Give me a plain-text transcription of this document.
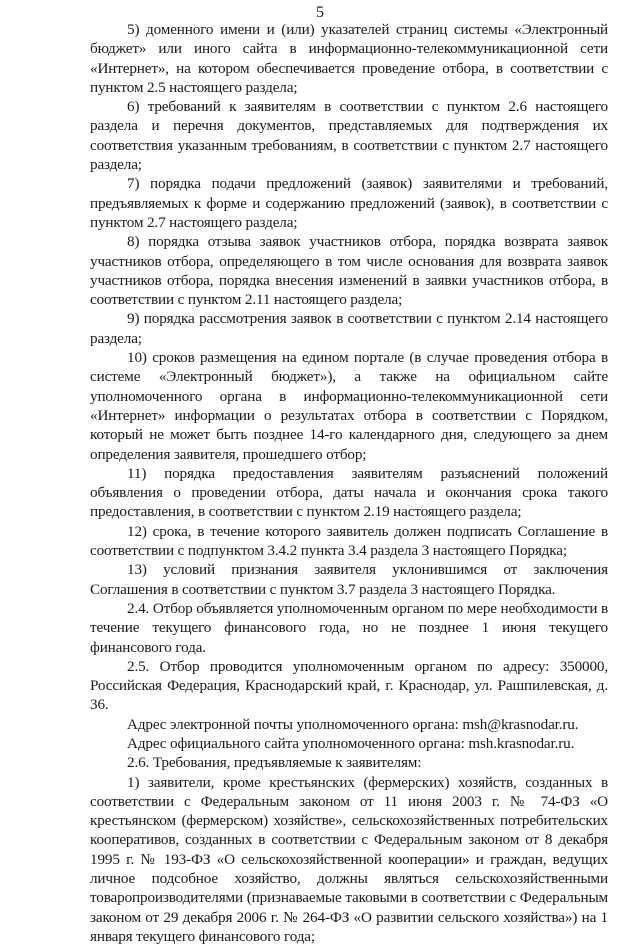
5

5) доменного имени и (или) указателей страниц системы «Электронный бюджет» или иного сайта в информационно-телекоммуникационной сети «Интернет», на котором обеспечивается проведение отбора, в соответствии с пунктом 2.5 настоящего раздела;

6) требований к заявителям в соответствии с пунктом 2.6 настоящего раздела и перечня документов, представляемых для подтверждения их соответствия указанным требованиям, в соответствии с пунктом 2.7 настоящего раздела;

7) порядка подачи предложений (заявок) заявителями и требований, предъявляемых к форме и содержанию предложений (заявок), в соответствии с пунктом 2.7 настоящего раздела;

8) порядка отзыва заявок участников отбора, порядка возврата заявок участников отбора, определяющего в том числе основания для возврата заявок участников отбора, порядка внесения изменений в заявки участников отбора, в соответствии с пунктом 2.11 настоящего раздела;

9) порядка рассмотрения заявок в соответствии с пунктом 2.14 настоящего раздела;

10) сроков размещения на едином портале (в случае проведения отбора в системе «Электронный бюджет»), а также на официальном сайте уполномоченного органа в информационно-телекоммуникационной сети «Интернет» информации о результатах отбора в соответствии с Порядком, который не может быть позднее 14-го календарного дня, следующего за днем определения заявителя, прошедшего отбор;

11) порядка предоставления заявителям разъяснений положений объявления о проведении отбора, даты начала и окончания срока такого предоставления, в соответствии с пунктом 2.19 настоящего раздела;

12) срока, в течение которого заявитель должен подписать Соглашение в соответствии с подпунктом 3.4.2 пункта 3.4 раздела 3 настоящего Порядка;

13) условий признания заявителя уклонившимся от заключения Соглашения в соответствии с пунктом 3.7 раздела 3 настоящего Порядка.

2.4. Отбор объявляется уполномоченным органом по мере необходимости в течение текущего финансового года, но не позднее 1 июня текущего финансового года.

2.5. Отбор проводится уполномоченным органом по адресу: 350000, Российская Федерация, Краснодарский край, г. Краснодар, ул. Рашпилевская, д. 36.

Адрес электронной почты уполномоченного органа: msh@krasnodar.ru.

Адрес официального сайта уполномоченного органа: msh.krasnodar.ru.

2.6. Требования, предъявляемые к заявителям:

1) заявители, кроме крестьянских (фермерских) хозяйств, созданных в соответствии с Федеральным законом от 11 июня 2003 г. № 74-ФЗ «О крестьянском (фермерском) хозяйстве», сельскохозяйственных потребительских кооперативов, созданных в соответствии с Федеральным законом от 8 декабря 1995 г. № 193-ФЗ «О сельскохозяйственной кооперации» и граждан, ведущих личное подсобное хозяйство, должны являться сельскохозяйственными товаропроизводителями (признаваемые таковыми в соответствии с Федеральным законом от 29 декабря 2006 г. № 264-ФЗ «О развитии сельского хозяйства») на 1 января текущего финансового года;
